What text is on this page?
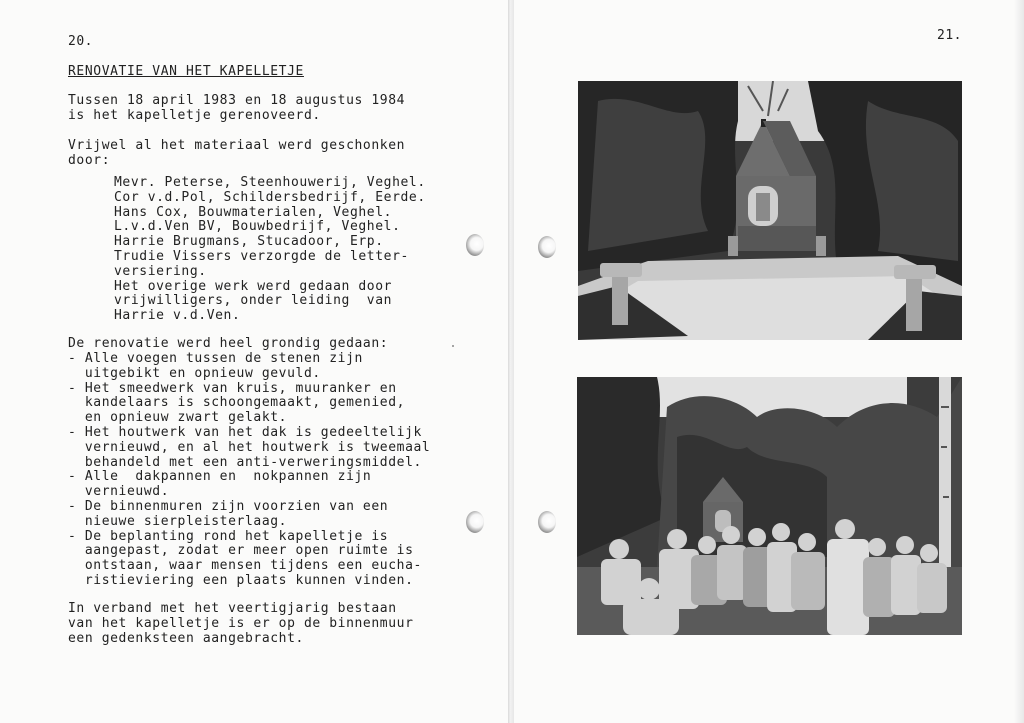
20.	21.
RENOVATIE VAN HET KAPELLETJE
Tussen 18 april 1983 en 18 augustus 1984
is het kapelletje gerenoveerd.
Vrijwel al het materiaal werd geschonken
door:
Mevr. Peterse, Steenhouwerij, Veghel.
Cor v.d.Pol, Schildersbedrijf, Eerde.
Hans Cox, Bouwmaterialen, Veghel.
L.v.d.Ven BV, Bouwbedrijf, Veghel.
Harrie Brugmans, Stucadoor, Erp.
Trudie Vissers verzorgde de letter-
versiering.
Het overige werk werd gedaan door
vrijwilligers, onder leiding  van
Harrie v.d.Ven.
De renovatie werd heel grondig gedaan:
- Alle voegen tussen de stenen zijn
uitgebikt en opnieuw gevuld.
- Het smeedwerk van kruis, muuranker en
kandelaars is schoongemaakt, gemenied,
en opnieuw zwart gelakt.
- Het houtwerk van het dak is gedeeltelijk
vernieuwd, en al het houtwerk is tweemaal
behandeld met een anti-verweringsmiddel.
- Alle  dakpannen en  nokpannen zijn
vernieuwd.
- De binnenmuren zijn voorzien van een
nieuwe sierpleisterlaag.
- De beplanting rond het kapelletje is
aangepast, zodat er meer open ruimte is
ontstaan, waar mensen tijdens een eucha-
ristieviering een plaats kunnen vinden.
In verband met het veertigjarig bestaan
van het kapelletje is er op de binnenmuur
een gedenksteen aangebracht.
